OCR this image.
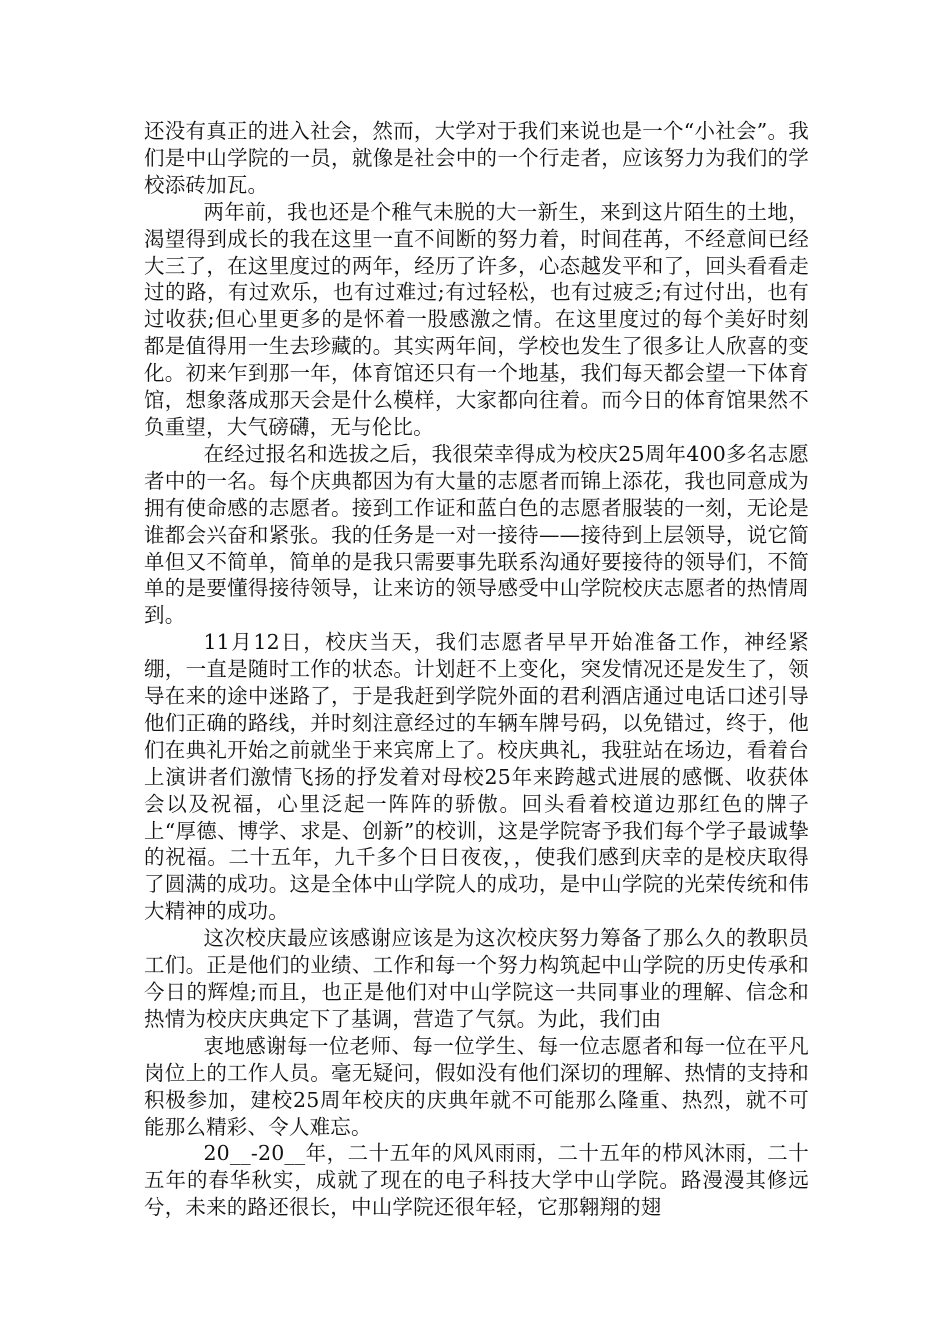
还没有真正的进入社会，然而，大学对于我们来说也是一个“小社会”。我们是中山学院的一员，就像是社会中的一个行走者，应该努力为我们的学校添砖加瓦。

两年前，我也还是个稚气未脱的大一新生，来到这片陌生的土地，渴望得到成长的我在这里一直不间断的努力着，时间荏苒，不经意间已经大三了，在这里度过的两年，经历了许多，心态越发平和了，回头看看走过的路，有过欢乐，也有过难过;有过轻松，也有过疲乏;有过付出，也有过收获;但心里更多的是怀着一股感激之情。在这里度过的每个美好时刻都是值得用一生去珍藏的。其实两年间，学校也发生了很多让人欣喜的变化。初来乍到那一年，体育馆还只有一个地基，我们每天都会望一下体育馆，想象落成那天会是什么模样，大家都向往着。而今日的体育馆果然不负重望，大气磅礴，无与伦比。

在经过报名和选拔之后，我很荣幸得成为校庆25周年400多名志愿者中的一名。每个庆典都因为有大量的志愿者而锦上添花，我也同意成为拥有使命感的志愿者。接到工作证和蓝白色的志愿者服装的一刻，无论是谁都会兴奋和紧张。我的任务是一对一接待——接待到上层领导，说它简单但又不简单，简单的是我只需要事先联系沟通好要接待的领导们，不简单的是要懂得接待领导，让来访的领导感受中山学院校庆志愿者的热情周到。

11月12日，校庆当天，我们志愿者早早开始准备工作，神经紧绷，一直是随时工作的状态。计划赶不上变化，突发情况还是发生了，领导在来的途中迷路了，于是我赶到学院外面的君利酒店通过电话口述引导他们正确的路线，并时刻注意经过的车辆车牌号码，以免错过，终于，他们在典礼开始之前就坐于来宾席上了。校庆典礼，我驻站在场边，看着台上演讲者们激情飞扬的抒发着对母校25年来跨越式进展的感慨、收获体会以及祝福，心里泛起一阵阵的骄傲。回头看着校道边那红色的牌子上“厚德、博学、求是、创新”的校训，这是学院寄予我们每个学子最诚挚的祝福。二十五年，九千多个日日夜夜，，使我们感到庆幸的是校庆取得了圆满的成功。这是全体中山学院人的成功，是中山学院的光荣传统和伟大精神的成功。

这次校庆最应该感谢应该是为这次校庆努力筹备了那么久的教职员工们。正是他们的业绩、工作和每一个努力构筑起中山学院的历史传承和今日的辉煌;而且，也正是他们对中山学院这一共同事业的理解、信念和热情为校庆庆典定下了基调，营造了气氛。为此，我们由

衷地感谢每一位老师、每一位学生、每一位志愿者和每一位在平凡岗位上的工作人员。毫无疑问，假如没有他们深切的理解、热情的支持和积极参加，建校25周年校庆的庆典年就不可能那么隆重、热烈，就不可能那么精彩、令人难忘。

20__-20__年，二十五年的风风雨雨，二十五年的栉风沐雨，二十五年的春华秋实，成就了现在的电子科技大学中山学院。路漫漫其修远兮，未来的路还很长，中山学院还很年轻，它那翱翔的翅
